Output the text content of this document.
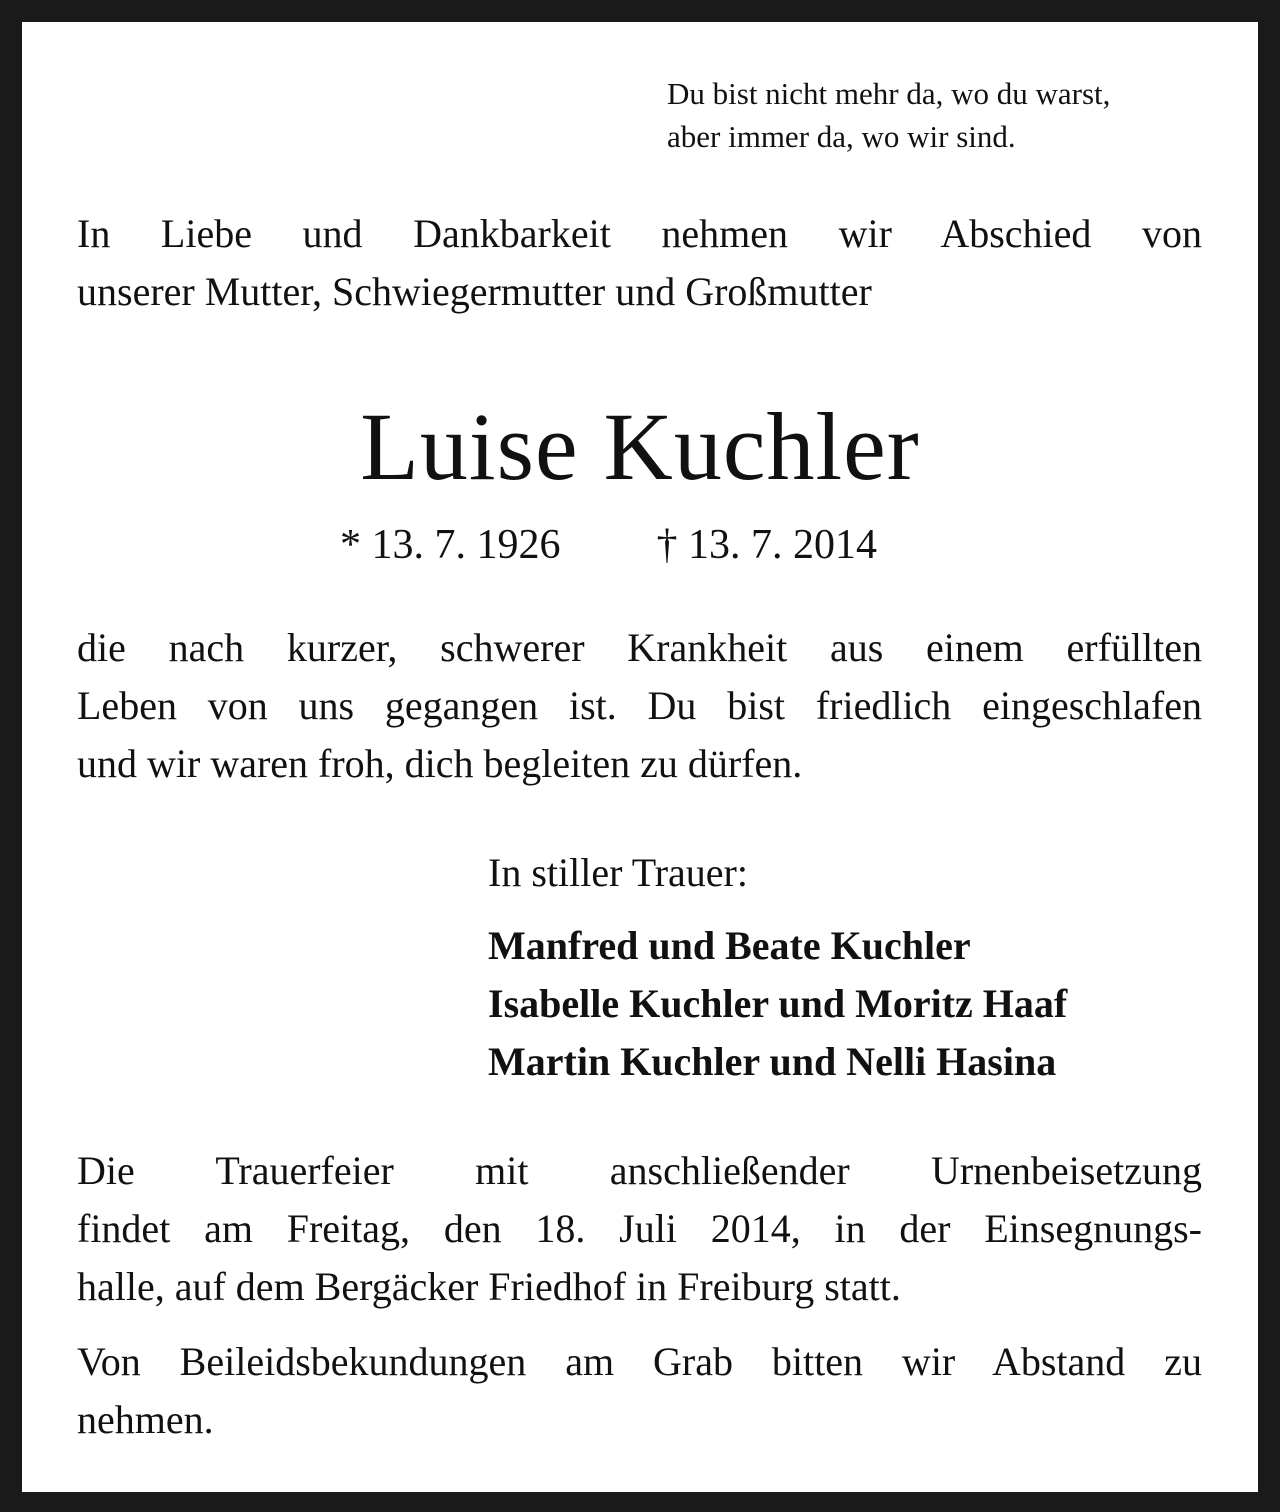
Du bist nicht mehr da, wo du warst,
aber immer da, wo wir sind.
In Liebe und Dankbarkeit nehmen wir Abschied von
unserer Mutter, Schwiegermutter und Großmutter
Luise Kuchler
* 13. 7. 1926 † 13. 7. 2014
die nach kurzer, schwerer Krankheit aus einem erfüllten
Leben von uns gegangen ist. Du bist friedlich eingeschlafen
und wir waren froh, dich begleiten zu dürfen.
In stiller Trauer:
Manfred und Beate Kuchler
Isabelle Kuchler und Moritz Haaf
Martin Kuchler und Nelli Hasina
Die Trauerfeier mit anschließender Urnenbeisetzung
findet am Freitag, den 18. Juli 2014, in der Einsegnungs-
halle, auf dem Bergäcker Friedhof in Freiburg statt.
Von Beileidsbekundungen am Grab bitten wir Abstand zu
nehmen.
